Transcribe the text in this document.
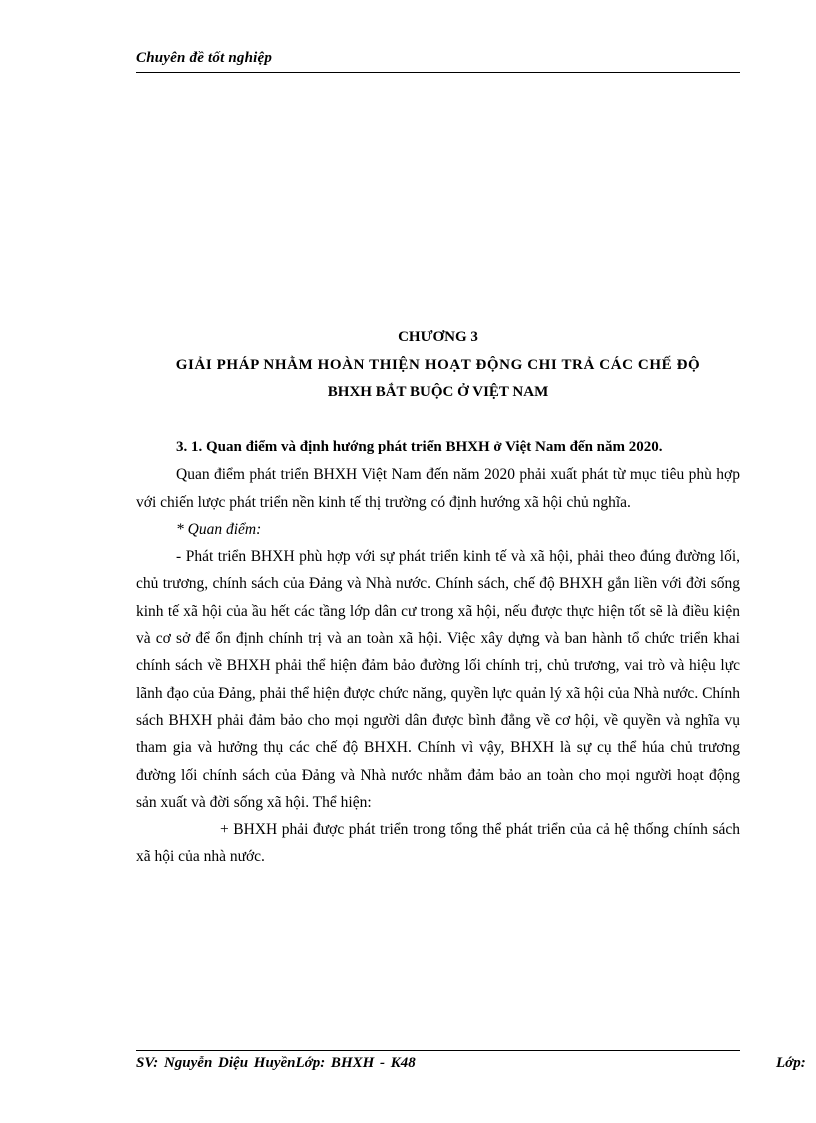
Chuyên đề tốt nghiệp
CHƯƠNG 3
GIẢI PHÁP NHẰM HOÀN THIỆN HOẠT ĐỘNG CHI TRẢ CÁC CHẾ ĐỘ
BHXH BẮT BUỘC Ở VIỆT NAM

3. 1. Quan điểm và định hướng phát triển BHXH ở Việt Nam đến năm 2020.

Quan điểm phát triển BHXH Việt Nam đến năm 2020 phải xuất phát từ mục tiêu phù hợp với chiến lược phát triển nền kinh tế thị trường có định hướng xã hội chủ nghĩa.

* Quan điểm:

- Phát triển BHXH phù hợp với sự phát triển kinh tế và xã hội, phải theo đúng đường lối, chủ trương, chính sách của Đảng và Nhà nước. Chính sách, chế độ BHXH gắn liền với đời sống kinh tế xã hội của ầu hết các tầng lớp dân cư trong xã hội, nếu được thực hiện tốt sẽ là điều kiện và cơ sở để ổn định chính trị và an toàn xã hội. Việc xây dựng và ban hành tổ chức triển khai chính sách về BHXH phải thể hiện đảm bảo đường lối chính trị, chủ trương, vai trò và hiệu lực lãnh đạo của Đảng, phải thể hiện được chức năng, quyền lực quản lý xã hội của Nhà nước. Chính sách BHXH phải đảm bảo cho mọi người dân được bình đẳng về cơ hội, về quyền và nghĩa vụ tham gia và hưởng thụ các chế độ BHXH. Chính vì vậy, BHXH là sự cụ thể húa chủ trương đường lối chính sách của Đảng và Nhà nước nhằm đảm bảo an toàn cho mọi người hoạt động sản xuất và đời sống xã hội. Thể hiện:

+ BHXH phải được phát triển trong tổng thể phát triển của cả hệ thống chính sách xã hội của nhà nước.

SV: Nguyễn Diệu HuyềnLớp: BHXH - K48	Lớp:
